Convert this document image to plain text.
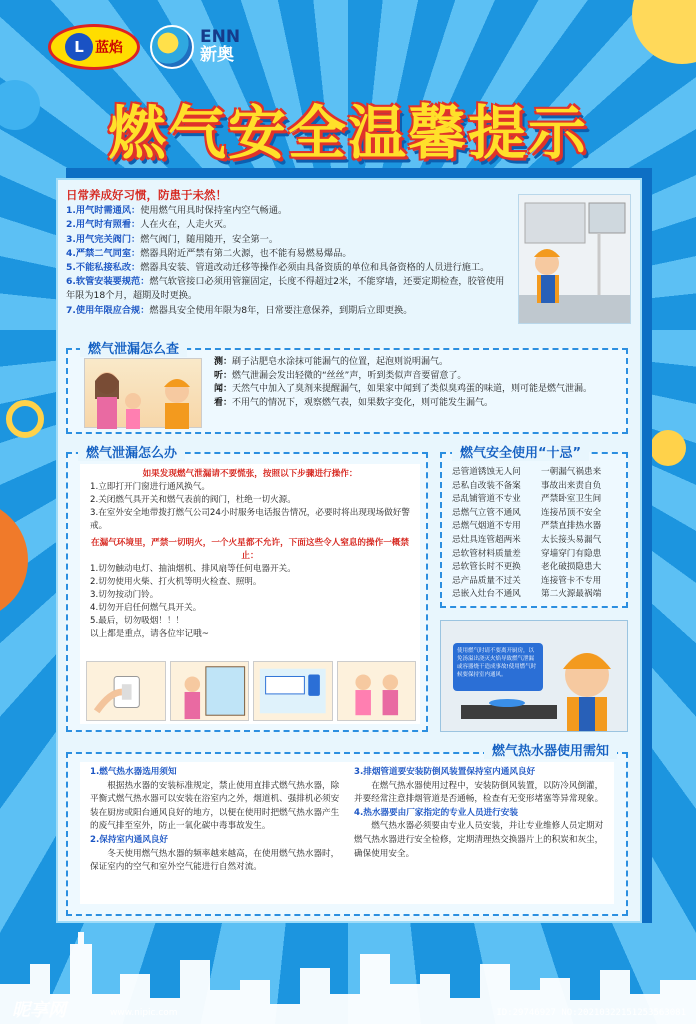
L 蓝焰
ENN
新奥
燃气安全温馨提示
日常养成好习惯，防患于未然！
1.用气时需通风：使用燃气用具时保持室内空气畅通。
2.用气时有照看：人在火在，人走火灭。
3.用气完关阀门：燃气阀门，随用随开，安全第一。
4.严禁二气同室：燃器具附近严禁有第二火源，也不能有易燃易爆品。
5.不能私接私改：燃器具安装、管道改动迁移等操作必须由具备资质的单位和具备资格的人员进行施工。
6.软管安装要规范：燃气软管接口必须用管箍固定，长度不得超过2米，不能穿墙，还要定期检查，胶管使用年限为18个月，超期及时更换。
7.使用年限应合规：燃器具安全使用年限为8年，日常要注意保养，到期后立即更换。
燃气泄漏怎么查
测：刷子沾肥皂水涂抹可能漏气的位置，起泡则说明漏气。
听：燃气泄漏会发出轻微的“丝丝”声，听到类似声音要留意了。
闻：天然气中加入了臭剂来提醒漏气，如果家中闻到了类似臭鸡蛋的味道，则可能是燃气泄漏。
看：不用气的情况下，观察燃气表，如果数字变化，则可能发生漏气。
燃气泄漏怎么办
如果发现燃气泄漏请不要慌张，按照以下步骤进行操作：
1.立即打开门窗进行通风换气。
2.关闭燃气具开关和燃气表前的阀门，杜绝一切火源。
3.在室外安全地带拨打燃气公司24小时服务电话报告情况，必要时将出现现场做好警戒。
在漏气环境里，严禁一切明火，一个火星都不允许，下面这些令人窒息的操作一概禁止：
1.切勿触动电灯、抽油烟机、排风扇等任何电器开关。
2.切勿使用火柴、打火机等明火检查、照明。
3.切勿按动门铃。
4.切勿开启任何燃气具开关。
5.最后，切勿吸烟！！！
以上都是重点，请各位牢记哦~
燃气安全使用“十忌”
忌管道锈蚀无人问	一朝漏气祸患来
忌私自改装不备案	事故出来责自负
忌乱铺管道不专业	严禁卧室卫生间
忌燃气立管不通风	连接吊顶不安全
忌燃气烟道不专用	严禁直排热水器
忌灶具连管超两米	太长接头易漏气
忌软管材料质量差	穿墙穿门有隐患
忌软管长时不更换	老化破损隐患大
忌产品质量不过关	连接管卡不专用
忌嵌入灶台不通风	第二火源最祸端
使用燃气时请不要离开厨房，以免汤溢出浇灭火焰导致燃气泄漏或容器烧干造成事故!使用燃气时候要保持室内通风。
燃气热水器使用需知
1.燃气热水器选用须知
根据热水器的安装标准规定，禁止使用直排式燃气热水器，除平衡式燃气热水器可以安装在浴室内之外，烟道机、强排机必须安装在厨房或阳台通风良好的地方，以便在使用时把燃气热水器产生的废气排至室外，防止一氧化碳中毒事故发生。
2.保持室内通风良好
冬天使用燃气热水器的频率越来越高，在使用燃气热水器时，保证室内的空气和室外空气能进行自然对流。
3.排烟管道要安装防倒风装置保持室内通风良好
在燃气热水器使用过程中，安装防倒风装置，以防冷风倒灌，并要经常注意排烟管道是否通畅，检查有无变形堵塞等异常现象。
4.热水器要由厂家指定的专业人员进行安装
燃气热水器必须要由专业人员安装，并让专业维修人员定期对燃气热水器进行安全检修，定期清理热交换器片上的积炭和灰尘，确保使用安全。
昵享网	www.nipic.com	ID:29746927 NO:20210322151253563081
